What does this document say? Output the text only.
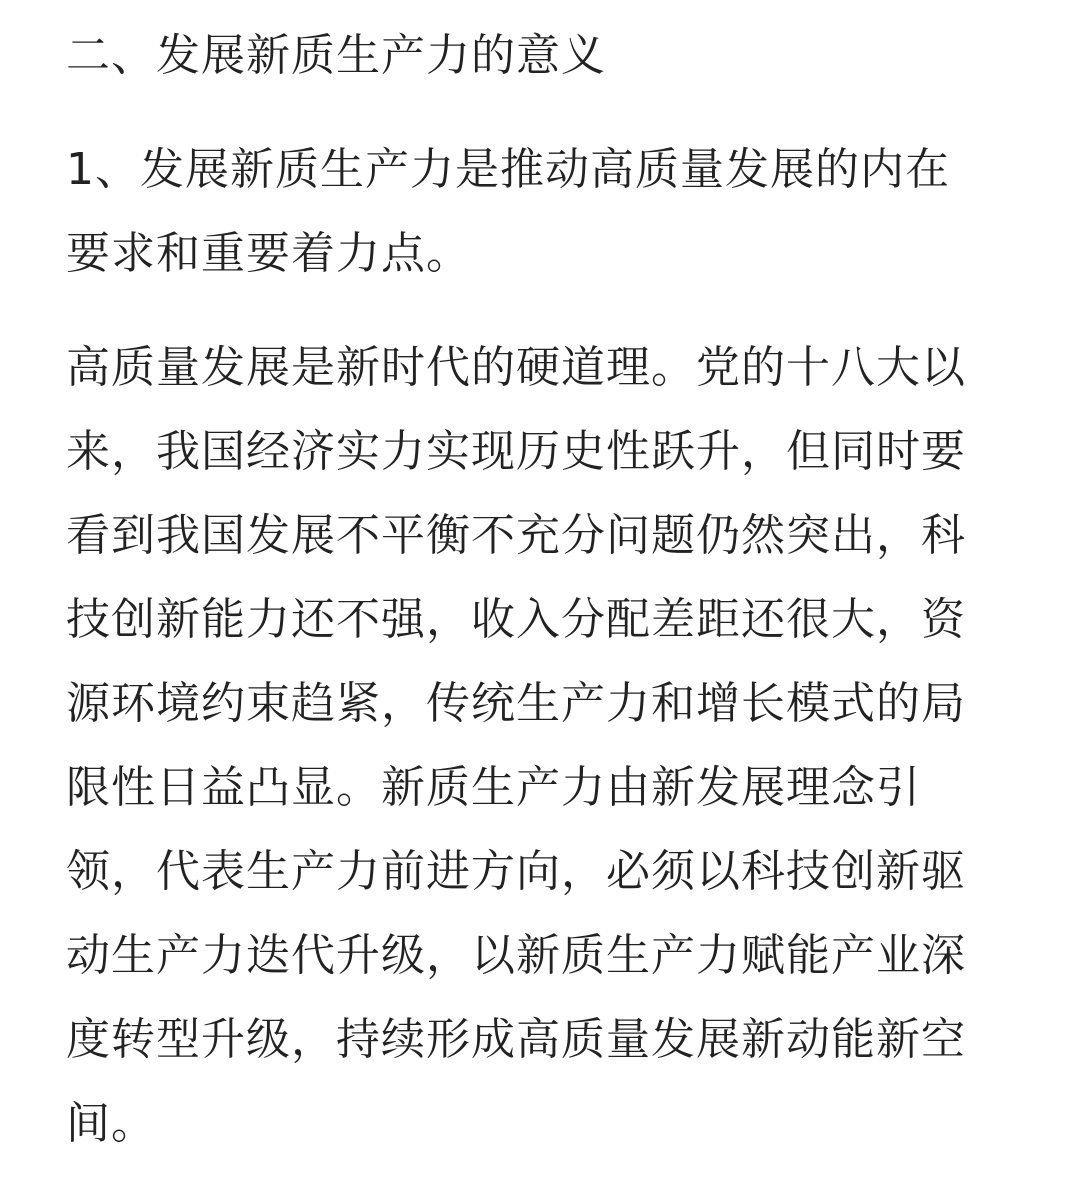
二、发展新质生产力的意义
1、发展新质生产力是推动高质量发展的内在
要求和重要着力点。
高质量发展是新时代的硬道理。党的十八大以
来，我国经济实力实现历史性跃升，但同时要
看到我国发展不平衡不充分问题仍然突出，科
技创新能力还不强，收入分配差距还很大，资
源环境约束趋紧，传统生产力和增长模式的局
限性日益凸显。新质生产力由新发展理念引
领，代表生产力前进方向，必须以科技创新驱
动生产力迭代升级，以新质生产力赋能产业深
度转型升级，持续形成高质量发展新动能新空
间。
